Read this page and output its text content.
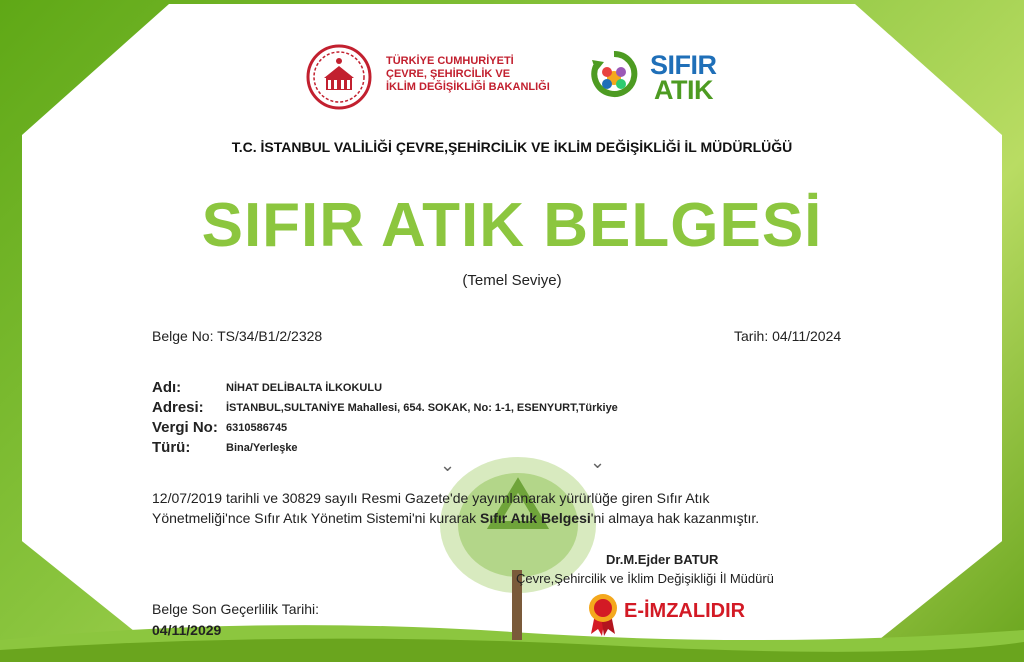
TÜRKİYE CUMHURİYETİ
ÇEVRE, ŞEHİRCİLİK VE
İKLİM DEĞİŞİKLİĞİ BAKANLIĞI
SIFIR
ATIK
T.C. İSTANBUL VALİLİĞİ ÇEVRE,ŞEHİRCİLİK VE İKLİM DEĞİŞİKLİĞİ İL MÜDÜRLÜĞÜ
SIFIR ATIK BELGESİ
(Temel Seviye)
Belge No: TS/34/B1/2/2328	Tarih: 04/11/2024
Adı:	NİHAT DELİBALTA İLKOKULU
Adresi: İSTANBUL,SULTANİYE Mahallesi, 654. SOKAK, No: 1-1, ESENYURT,Türkiye
Vergi No: 6310586745
Türü:	Bina/Yerleşke
⌄	⌄
12/07/2019 tarihli ve 30829 sayılı Resmi Gazete'de yayımlanarak yürürlüğe giren Sıfır Atık
Yönetmeliği'nce Sıfır Atık Yönetim Sistemi'ni kurarak Sıfır Atık Belgesi'ni almaya hak kazanmıştır.
Dr.M.Ejder BATUR
Çevre,Şehircilik ve İklim Değişikliği İl Müdürü
Belge Son Geçerlilik Tarihi:
04/11/2029
E-İMZALIDIR
